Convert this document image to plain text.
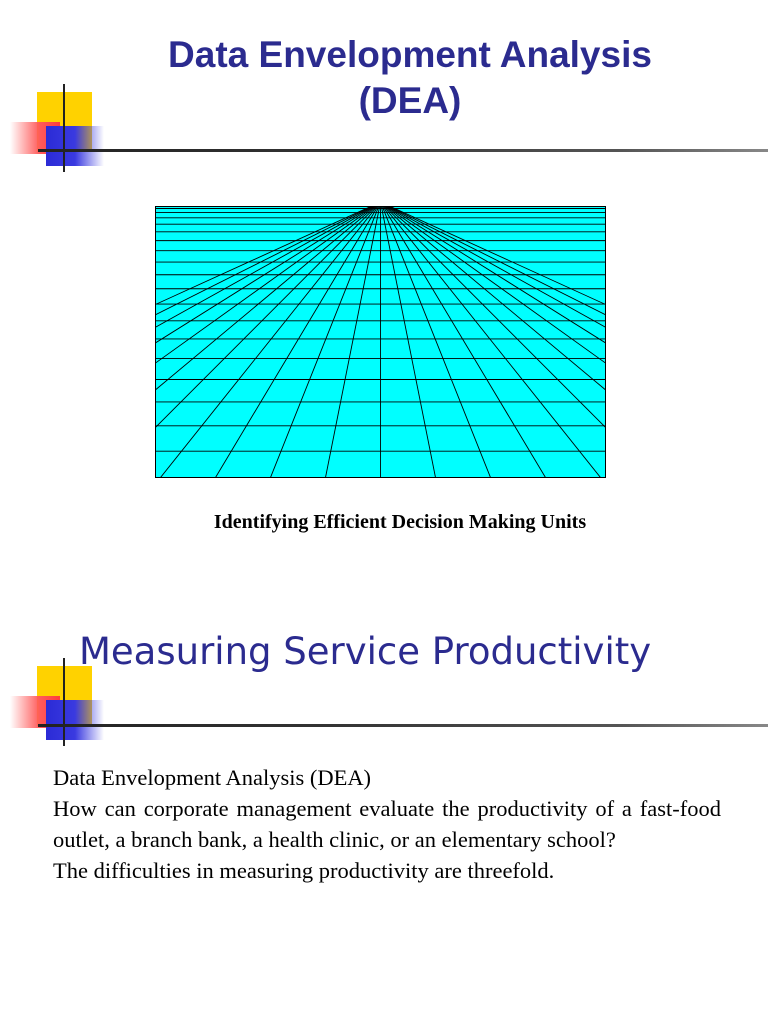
Data Envelopment Analysis
(DEA)
Identifying Efficient Decision Making Units
Measuring Service Productivity

Data Envelopment Analysis (DEA)

How can corporate management evaluate the productivity of a fast-food outlet, a branch bank, a health clinic, or an elementary school?

The difficulties in measuring productivity are threefold.
